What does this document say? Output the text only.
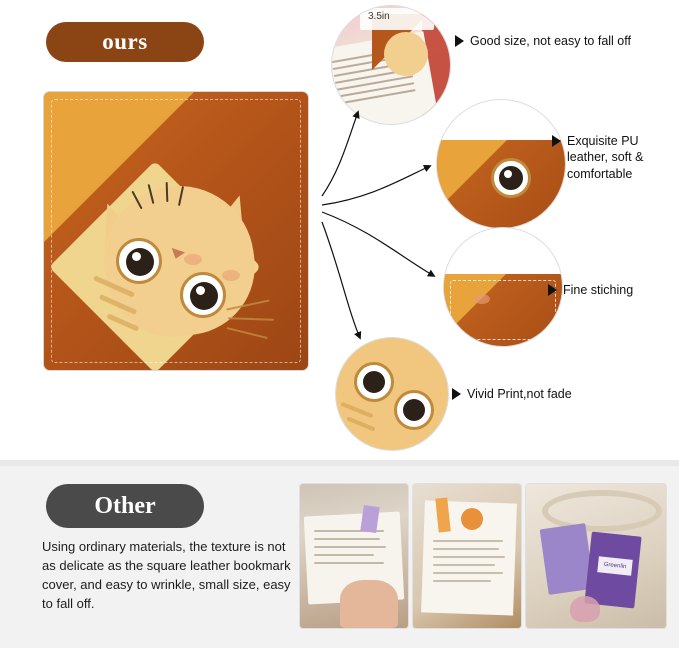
ours
3.5in
Good size, not easy to fall off
Exquisite PU leather, soft & comfortable
Fine stiching
Vivid Print,not fade
Other
Using ordinary materials, the texture is not as delicate as the square leather bookmark cover, and easy to wrinkle, small size, easy to fall off.
Greenlin
